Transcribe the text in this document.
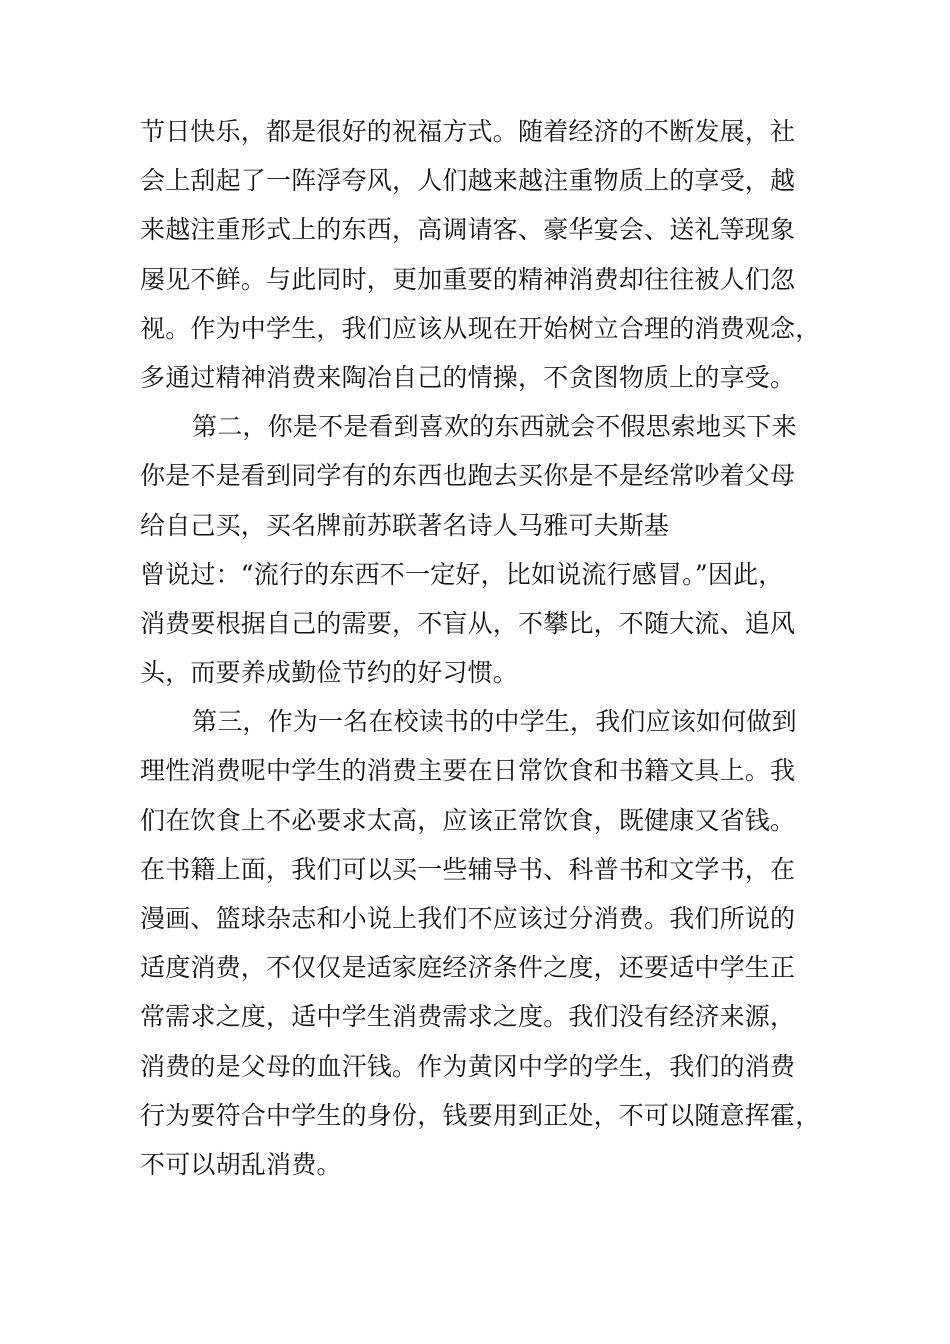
节日快乐，都是很好的祝福方式。随着经济的不断发展，社
会上刮起了一阵浮夸风，人们越来越注重物质上的享受，越
来越注重形式上的东西，高调请客、豪华宴会、送礼等现象
屡见不鲜。与此同时，更加重要的精神消费却往往被人们忽
视。作为中学生，我们应该从现在开始树立合理的消费观念，
多通过精神消费来陶冶自己的情操，不贪图物质上的享受。
第二，你是不是看到喜欢的东西就会不假思索地买下来
你是不是看到同学有的东西也跑去买你是不是经常吵着父母
给自己买，买名牌前苏联著名诗人马雅可夫斯基
曾说过：“流行的东西不一定好，比如说流行感冒。”因此，
消费要根据自己的需要，不盲从，不攀比，不随大流、追风
头，而要养成勤俭节约的好习惯。
第三，作为一名在校读书的中学生，我们应该如何做到
理性消费呢中学生的消费主要在日常饮食和书籍文具上。我
们在饮食上不必要求太高，应该正常饮食，既健康又省钱。
在书籍上面，我们可以买一些辅导书、科普书和文学书，在
漫画、篮球杂志和小说上我们不应该过分消费。我们所说的
适度消费，不仅仅是适家庭经济条件之度，还要适中学生正
常需求之度，适中学生消费需求之度。我们没有经济来源，
消费的是父母的血汗钱。作为黄冈中学的学生，我们的消费
行为要符合中学生的身份，钱要用到正处，不可以随意挥霍，
不可以胡乱消费。
